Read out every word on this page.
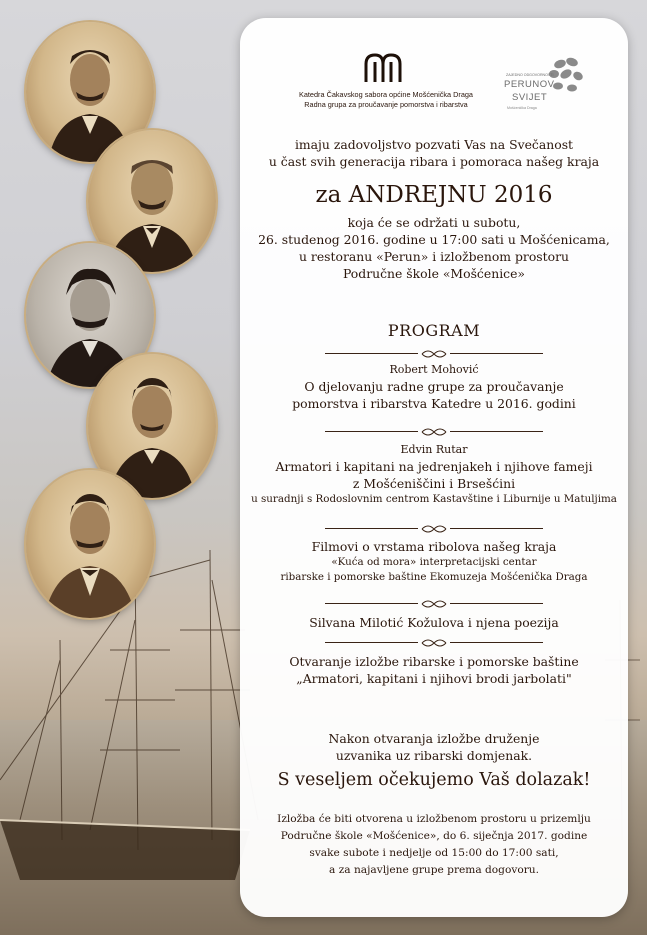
Katedra Čakavskog sabora općine Mošćenička Draga
Radna grupa za proučavanje pomorstva i ribarstva
ZAJEDNO ODGOVORNOSTI
PERUNOV
SVIJET
Mošćenička Draga
imaju zadovoljstvo pozvati Vas na Svečanost
u čast svih generacija ribara i pomoraca našeg kraja
za ANDREJNU 2016
koja će se održati u subotu,
26. studenog 2016. godine u 17:00 sati u Mošćenicama,
u restoranu «Perun» i izložbenom prostoru
Područne škole «Mošćenice»
PROGRAM
Robert Mohović
O djelovanju radne grupe za proučavanje
pomorstva i ribarstva Katedre u 2016. godini
Edvin Rutar
Armatori i kapitani na jedrenjakeh i njihove fameji
z Mošćeniščini i Brsešćini
u suradnji s Rodoslovnim centrom Kastavštine i Liburnije u Matuljima
Filmovi o vrstama ribolova našeg kraja
«Kuća od mora» interpretacijski centar
ribarske i pomorske baštine Ekomuzeja Mošćenička Draga
Silvana Milotić Kožulova i njena poezija
Otvaranje izložbe ribarske i pomorske baštine
„Armatori, kapitani i njihovi brodi jarbolati"
Nakon otvaranja izložbe druženje
uzvanika uz ribarski domjenak.
S veseljem očekujemo Vaš dolazak!
Izložba će biti otvorena u izložbenom prostoru u prizemlju
Područne škole «Mošćenice», do 6. siječnja 2017. godine
svake subote i nedjelje od 15:00 do 17:00 sati,
a za najavljene grupe prema dogovoru.
